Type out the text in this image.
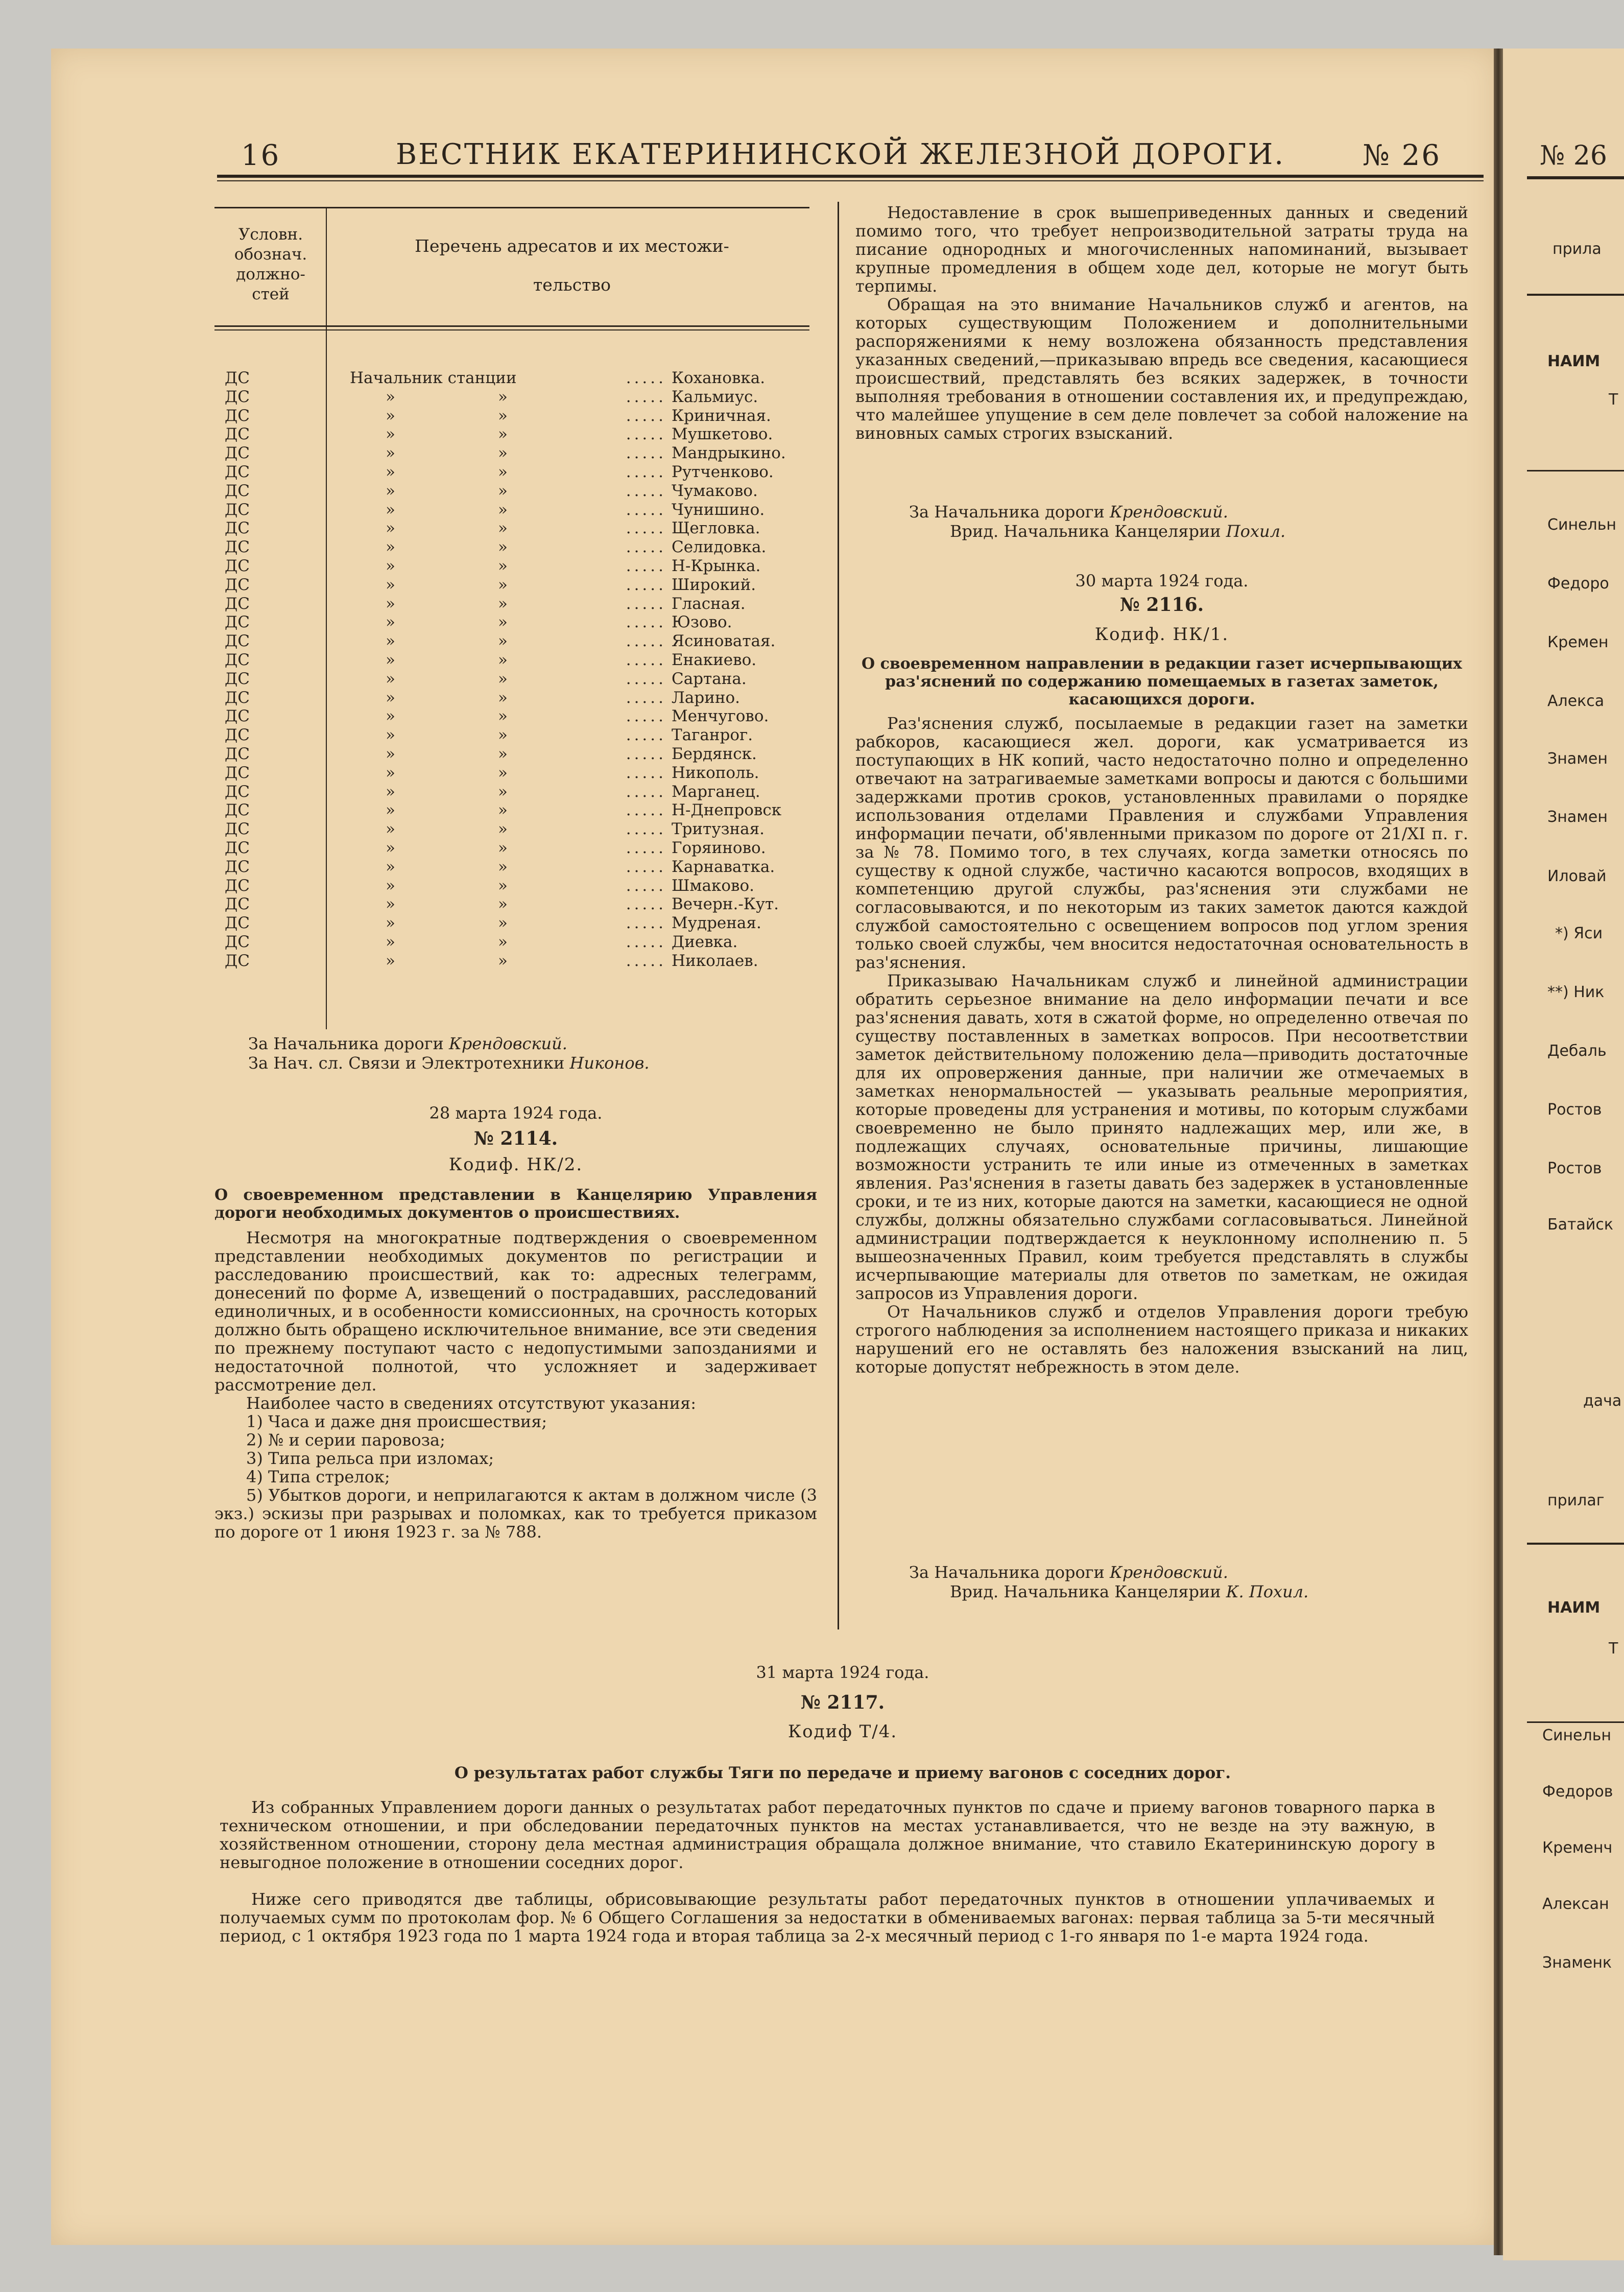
16	ВЕСТНИК ЕКАТЕРИНИНСКОЙ ЖЕЛЕЗНОЙ ДОРОГИ.	№ 26
Условн. обознач. должно- стей
Перечень адресатов и их местожи-
тельство
ДС	Начальник станции		.....	Кохановка.
ДС	»	»	.....	Кальмиус.
ДС	»	»	.....	Криничная.
ДС	»	»	.....	Мушкетово.
ДС	»	»	.....	Мандрыкино.
ДС	»	»	.....	Рутченково.
ДС	»	»	.....	Чумаково.
ДС	»	»	.....	Чунишино.
ДС	»	»	.....	Щегловка.
ДС	»	»	.....	Селидовка.
ДС	»	»	.....	Н-Крынка.
ДС	»	»	.....	Широкий.
ДС	»	»	.....	Гласная.
ДС	»	»	.....	Юзово.
ДС	»	»	.....	Ясиноватая.
ДС	»	»	.....	Енакиево.
ДС	»	»	.....	Сартана.
ДС	»	»	.....	Ларино.
ДС	»	»	.....	Менчугово.
ДС	»	»	.....	Таганрог.
ДС	»	»	.....	Бердянск.
ДС	»	»	.....	Никополь.
ДС	»	»	.....	Марганец.
ДС	»	»	.....	Н-Днепровск
ДС	»	»	.....	Тритузная.
ДС	»	»	.....	Горяиново.
ДС	»	»	.....	Карнаватка.
ДС	»	»	.....	Шмаково.
ДС	»	»	.....	Вечерн.-Кут.
ДС	»	»	.....	Мудреная.
ДС	»	»	.....	Диевка.
ДС	»	»	.....	Николаев.
За Начальника дороги Крендовский.
За Нач. сл. Связи и Электротехники Никонов.
28 марта 1924 года.
№ 2114.
Кодиф. НК/2.
О своевременном представлении в Канцелярию Управления дороги необходимых документов о происшествиях.

Несмотря на многократные подтверждения о своевременном представлении необходимых документов по регистрации и расследованию происшествий, как то: адресных телеграмм, донесений по форме А, извещений о пострадавших, расследований единоличных, и в особенности комиссионных, на срочность которых должно быть обращено исключительное внимание, все эти сведения по прежнему поступают часто с недопустимыми запозданиями и недостаточной полнотой, что усложняет и задерживает рассмотрение дел.

Наиболее часто в сведениях отсутствуют указания:

1) Часа и даже дня происшествия;
2) № и серии паровоза;
3) Типа рельса при изломах;
4) Типа стрелок;

5) Убытков дороги, и неприлагаются к актам в должном числе (3 экз.) эскизы при разрывах и поломках, как то требуется приказом по дороге от 1 июня 1923 г. за № 788.

Недоставление в срок вышеприведенных данных и сведений помимо того, что требует непроизводительной затраты труда на писание однородных и многочисленных напоминаний, вызывает крупные промедления в общем ходе дел, которые не могут быть терпимы.

Обращая на это внимание Начальников служб и агентов, на которых существующим Положением и дополнительными распоряжениями к нему возложена обязанность представления указанных сведений,—приказываю впредь все сведения, касающиеся происшествий, представлять без всяких задержек, в точности выполняя требования в отношении составления их, и предупреждаю, что малейшее упущение в сем деле повлечет за собой наложение на виновных самых строгих взысканий.

За Начальника дороги Крендовский.
Врид. Начальника Канцелярии Похил.
30 марта 1924 года.
№ 2116.
Кодиф. НК/1.
О своевременном направлении в редакции газет исчерпывающих раз'яснений по содержанию помещаемых в газетах заметок, касающихся дороги.

Раз'яснения служб, посылаемые в редакции газет на заметки рабкоров, касающиеся жел. дороги, как усматривается из поступающих в НК копий, часто недостаточно полно и определенно отвечают на затрагиваемые заметками вопросы и даются с большими задержками против сроков, установленных правилами о порядке использования отделами Правления и службами Управления информации печати, об'явленными приказом по дороге от 21/XI п. г. за № 78. Помимо того, в тех случаях, когда заметки относясь по существу к одной службе, частично касаются вопросов, входящих в компетенцию другой службы, раз'яснения эти службами не согласовываются, и по некоторым из таких заметок даются каждой службой самостоятельно с освещением вопросов под углом зрения только своей службы, чем вносится недостаточная основательность в раз'яснения.

Приказываю Начальникам служб и линейной администрации обратить серьезное внимание на дело информации печати и все раз'яснения давать, хотя в сжатой форме, но определенно отвечая по существу поставленных в заметках вопросов. При несоответствии заметок действительному положению дела—приводить достаточные для их опровержения данные, при наличии же отмечаемых в заметках ненормальностей — указывать реальные мероприятия, которые проведены для устранения и мотивы, по которым службами своевременно не было принято надлежащих мер, или же, в подлежащих случаях, основательные причины, лишающие возможности устранить те или иные из отмеченных в заметках явления. Раз'яснения в газеты давать без задержек в установленные сроки, и те из них, которые даются на заметки, касающиеся не одной службы, должны обязательно службами согласовываться. Линейной администрации подтверждается к неуклонному исполнению п. 5 вышеозначенных Правил, коим требуется представлять в службы исчерпывающие материалы для ответов по заметкам, не ожидая запросов из Управления дороги.

От Начальников служб и отделов Управления дороги требую строгого наблюдения за исполнением настоящего приказа и никаких нарушений его не оставлять без наложения взысканий на лиц, которые допустят небрежность в этом деле.

За Начальника дороги Крендовский.
Врид. Начальника Канцелярии К. Похил.
31 марта 1924 года.
№ 2117.
Кодиф Т/4.
О результатах работ службы Тяги по передаче и приему вагонов с соседних дорог.

Из собранных Управлением дороги данных о результатах работ передаточных пунктов по сдаче и приему вагонов товарного парка в техническом отношении, и при обследовании передаточных пунктов на местах устанавливается, что не везде на эту важную, в хозяйственном отношении, сторону дела местная администрация обращала должное внимание, что ставило Екатерининскую дорогу в невыгодное положение в отношении соседних дорог.

Ниже сего приводятся две таблицы, обрисовывающие результаты работ передаточных пунктов в отношении уплачиваемых и получаемых сумм по протоколам фор. № 6 Общего Соглашения за недостатки в обмениваемых вагонах: первая таблица за 5-ти месячный период, с 1 октября 1923 года по 1 марта 1924 года и вторая таблица за 2-х месячный период с 1-го января по 1-е марта 1924 года.

прила
НАИМ
Т
Синельн
Федоро
Кремен
Алекса
Знамен
Знамен
Иловай
*) Яси
**) Ник
Дебаль
Ростов
Ростов
Батайск
дача
прилаг
НАИМ
Т
Синельн
Федоров
Кременч
Алексан
Знаменк
№ 26
